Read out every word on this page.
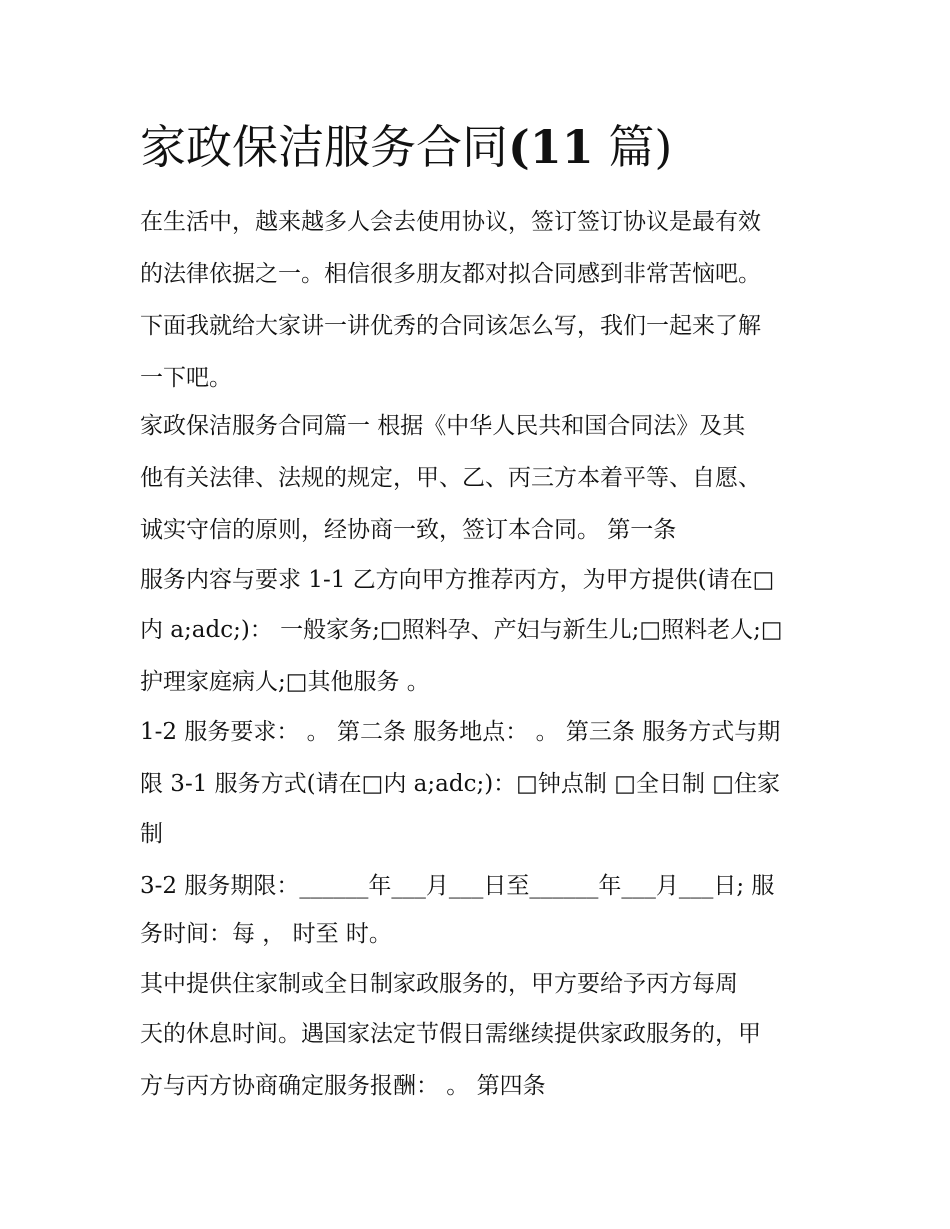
家政保洁服务合同(11 篇)
在生活中，越来越多人会去使用协议，签订签订协议是最有效
的法律依据之一。相信很多朋友都对拟合同感到非常苦恼吧。
下面我就给大家讲一讲优秀的合同该怎么写，我们一起来了解
一下吧。
家政保洁服务合同篇一 根据《中华人民共和国合同法》及其
他有关法律、法规的规定，甲、乙、丙三方本着平等、自愿、
诚实守信的原则，经协商一致，签订本合同。 第一条
服务内容与要求 1-1 乙方向甲方推荐丙方，为甲方提供(请在□
内 a;adc;)： 一般家务;□照料孕、产妇与新生儿;□照料老人;□
护理家庭病人;□其他服务 。
1-2 服务要求： 。 第二条 服务地点： 。 第三条 服务方式与期
限 3-1 服务方式(请在□内 a;adc;)：□钟点制 □全日制 □住家
制
3-2 服务期限：______年___月___日至______年___月___日; 服
务时间：每 ， 时至 时。
其中提供住家制或全日制家政服务的，甲方要给予丙方每周
天的休息时间。遇国家法定节假日需继续提供家政服务的，甲
方与丙方协商确定服务报酬： 。 第四条
